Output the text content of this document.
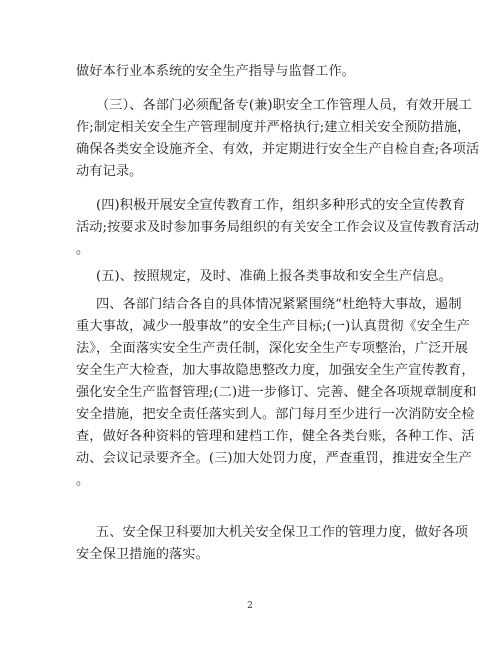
做好本行业本系统的安全生产指导与监督工作。
（三）、各部门必须配备专(兼)职安全工作管理人员，有效开展工
作;制定相关安全生产管理制度并严格执行;建立相关安全预防措施，
确保各类安全设施齐全、有效，并定期进行安全生产自检自查;各项活
动有记录。
(四)积极开展安全宣传教育工作，组织多种形式的安全宣传教育
活动;按要求及时参加事务局组织的有关安全工作会议及宣传教育活动
。
(五)、按照规定，及时、准确上报各类事故和安全生产信息。
四、各部门结合各自的具体情况紧紧围绕“杜绝特大事故，遏制
重大事故，减少一般事故”的安全生产目标;(一)认真贯彻《安全生产
法》，全面落实安全生产责任制，深化安全生产专项整治，广泛开展
安全生产大检查，加大事故隐患整改力度，加强安全生产宣传教育，
强化安全生产监督管理;(二)进一步修订、完善、健全各项规章制度和
安全措施，把安全责任落实到人。部门每月至少进行一次消防安全检
查，做好各种资料的管理和建档工作，健全各类台账，各种工作、活
动、会议记录要齐全。(三)加大处罚力度，严查重罚，推进安全生产
。
五、安全保卫科要加大机关安全保卫工作的管理力度，做好各项
安全保卫措施的落实。
2
